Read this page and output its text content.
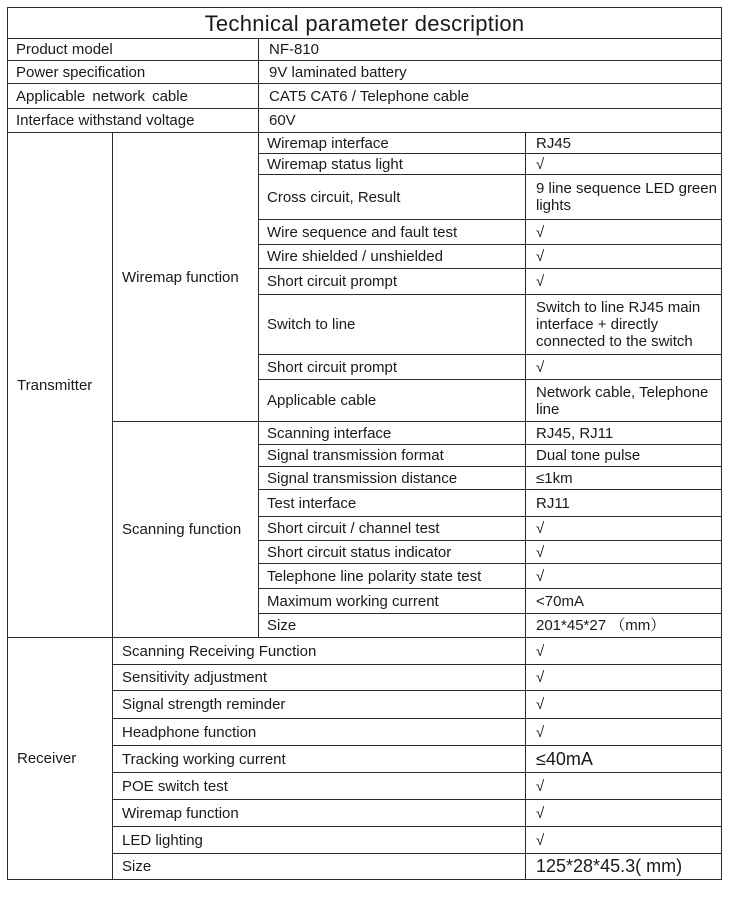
Technical parameter description			
Product model		NF-810	
Power specification		9V laminated battery	
Applicable network cable		CAT5 CAT6 / Telephone cable	
Interface withstand voltage		60V	
Transmitter	Wiremap function	Wiremap interface	RJ45
		Wiremap status light	√
		Cross circuit, Result	9 line sequence LED green lights
		Wire sequence and fault test	√
		Wire shielded / unshielded	√
		Short circuit prompt	√
		Switch to line	Switch to line RJ45 main interface + directly connected to the switch
		Short circuit prompt	√
		Applicable cable	Network cable, Telephone line
	Scanning function	Scanning interface	RJ45, RJ11
		Signal transmission format	Dual tone pulse
		Signal transmission distance	≤1km
		Test interface	RJ11
		Short circuit / channel test	√
		Short circuit status indicator	√
		Telephone line polarity state test	√
		Maximum working current	<70mA
		Size	201*45*27 （mm）
Receiver	Scanning Receiving Function		√
	Sensitivity adjustment		√
	Signal strength reminder		√
	Headphone function		√
	Tracking working current		≤40mA
	POE switch test		√
	Wiremap function		√
	LED lighting		√
	Size		125*28*45.3( mm)
